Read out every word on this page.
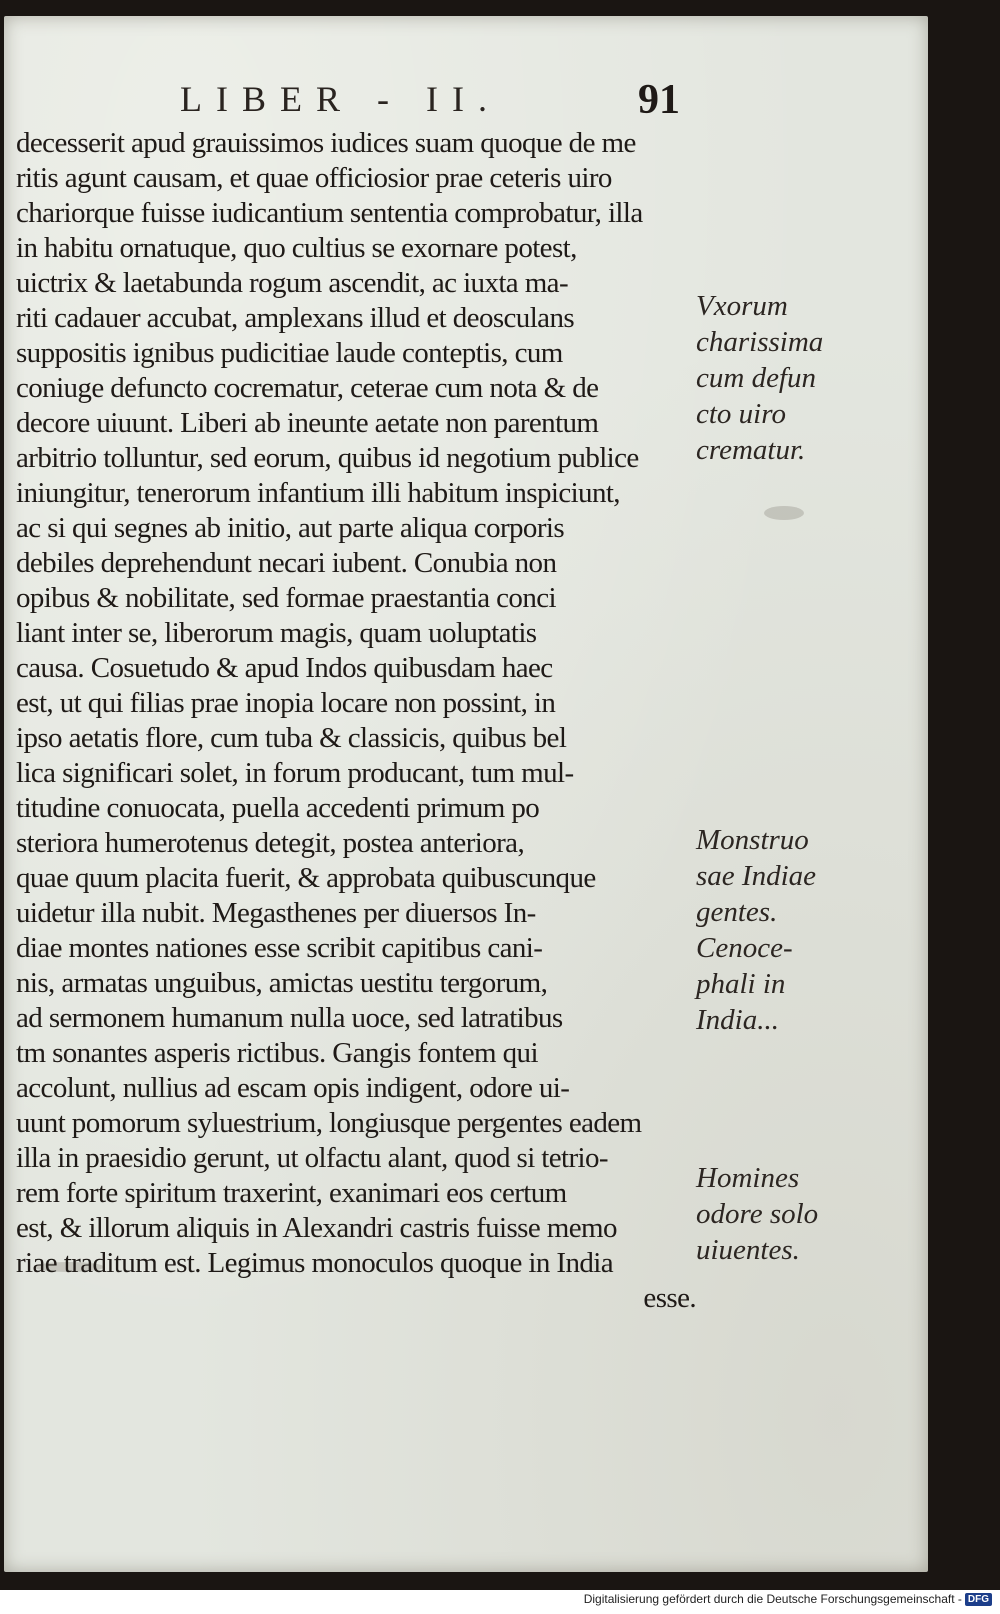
LIBER - II.	91
decesserit apud grauissimos iudices suam quoque de me
ritis agunt causam, et quae officiosior prae ceteris uiro
chariorque fuisse iudicantium sententia comprobatur, illa
in habitu ornatuque, quo cultius se exornare potest,
uictrix & laetabunda rogum ascendit, ac iuxta ma-
riti cadauer accubat, amplexans illud et deosculans
suppositis ignibus pudicitiae laude conteptis, cum
coniuge defuncto cocrematur, ceterae cum nota & de
decore uiuunt. Liberi ab ineunte aetate non parentum
arbitrio tolluntur, sed eorum, quibus id negotium publice
iniungitur, tenerorum infantium illi habitum inspiciunt,
ac si qui segnes ab initio, aut parte aliqua corporis
debiles deprehendunt necari iubent. Conubia non
opibus & nobilitate, sed formae praestantia conci
liant inter se, liberorum magis, quam uoluptatis
causa. Cosuetudo & apud Indos quibusdam haec
est, ut qui filias prae inopia locare non possint, in
ipso aetatis flore, cum tuba & classicis, quibus bel
lica significari solet, in forum producant, tum mul-
titudine conuocata, puella accedenti primum po
steriora humerotenus detegit, postea anteriora,
quae quum placita fuerit, & approbata quibuscunque
uidetur illa nubit. Megasthenes per diuersos In-
diae montes nationes esse scribit capitibus cani-
nis, armatas unguibus, amictas uestitu tergorum,
ad sermonem humanum nulla uoce, sed latratibus
tm sonantes asperis rictibus. Gangis fontem qui
accolunt, nullius ad escam opis indigent, odore ui-
uunt pomorum syluestrium, longiusque pergentes eadem
illa in praesidio gerunt, ut olfactu alant, quod si tetrio-
rem forte spiritum traxerint, exanimari eos certum
est, & illorum aliquis in Alexandri castris fuisse memo
riae traditum est. Legimus monoculos quoque in India
esse.
Vxorum
charissima
cum defun
cto uiro
crematur.
Monstruo
sae Indiae
gentes.
Cenoce-
phali in
India...
Homines
odore solo
uiuentes.
Digitalisierung gefördert durch die Deutsche Forschungsgemeinschaft - DFG
